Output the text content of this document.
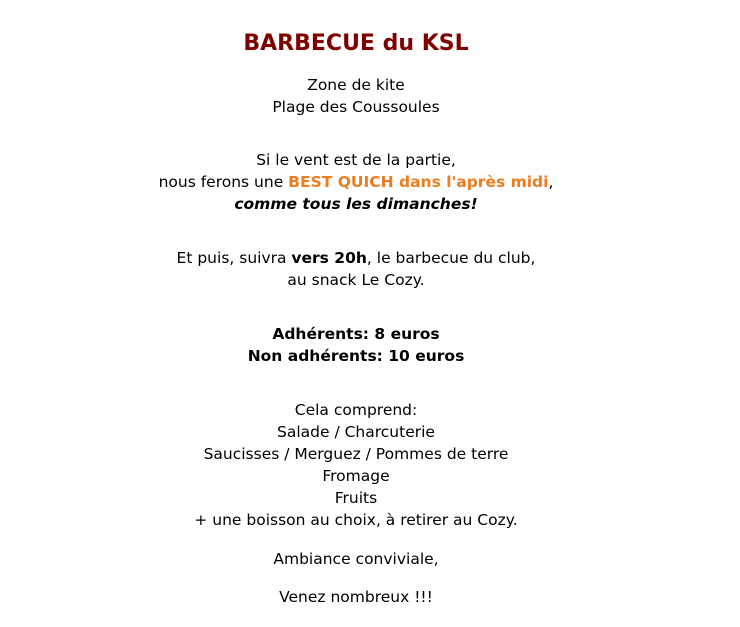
BARBECUE du KSL
Zone de kite
Plage des Coussoules
Si le vent est de la partie,
nous ferons une BEST QUICH dans l'après midi,
comme tous les dimanches!
Et puis, suivra vers 20h, le barbecue du club,
au snack Le Cozy.
Adhérents: 8 euros
Non adhérents: 10 euros
Cela comprend:
Salade / Charcuterie
Saucisses / Merguez / Pommes de terre
Fromage
Fruits
+ une boisson au choix, à retirer au Cozy.
Ambiance conviviale,
Venez nombreux !!!
